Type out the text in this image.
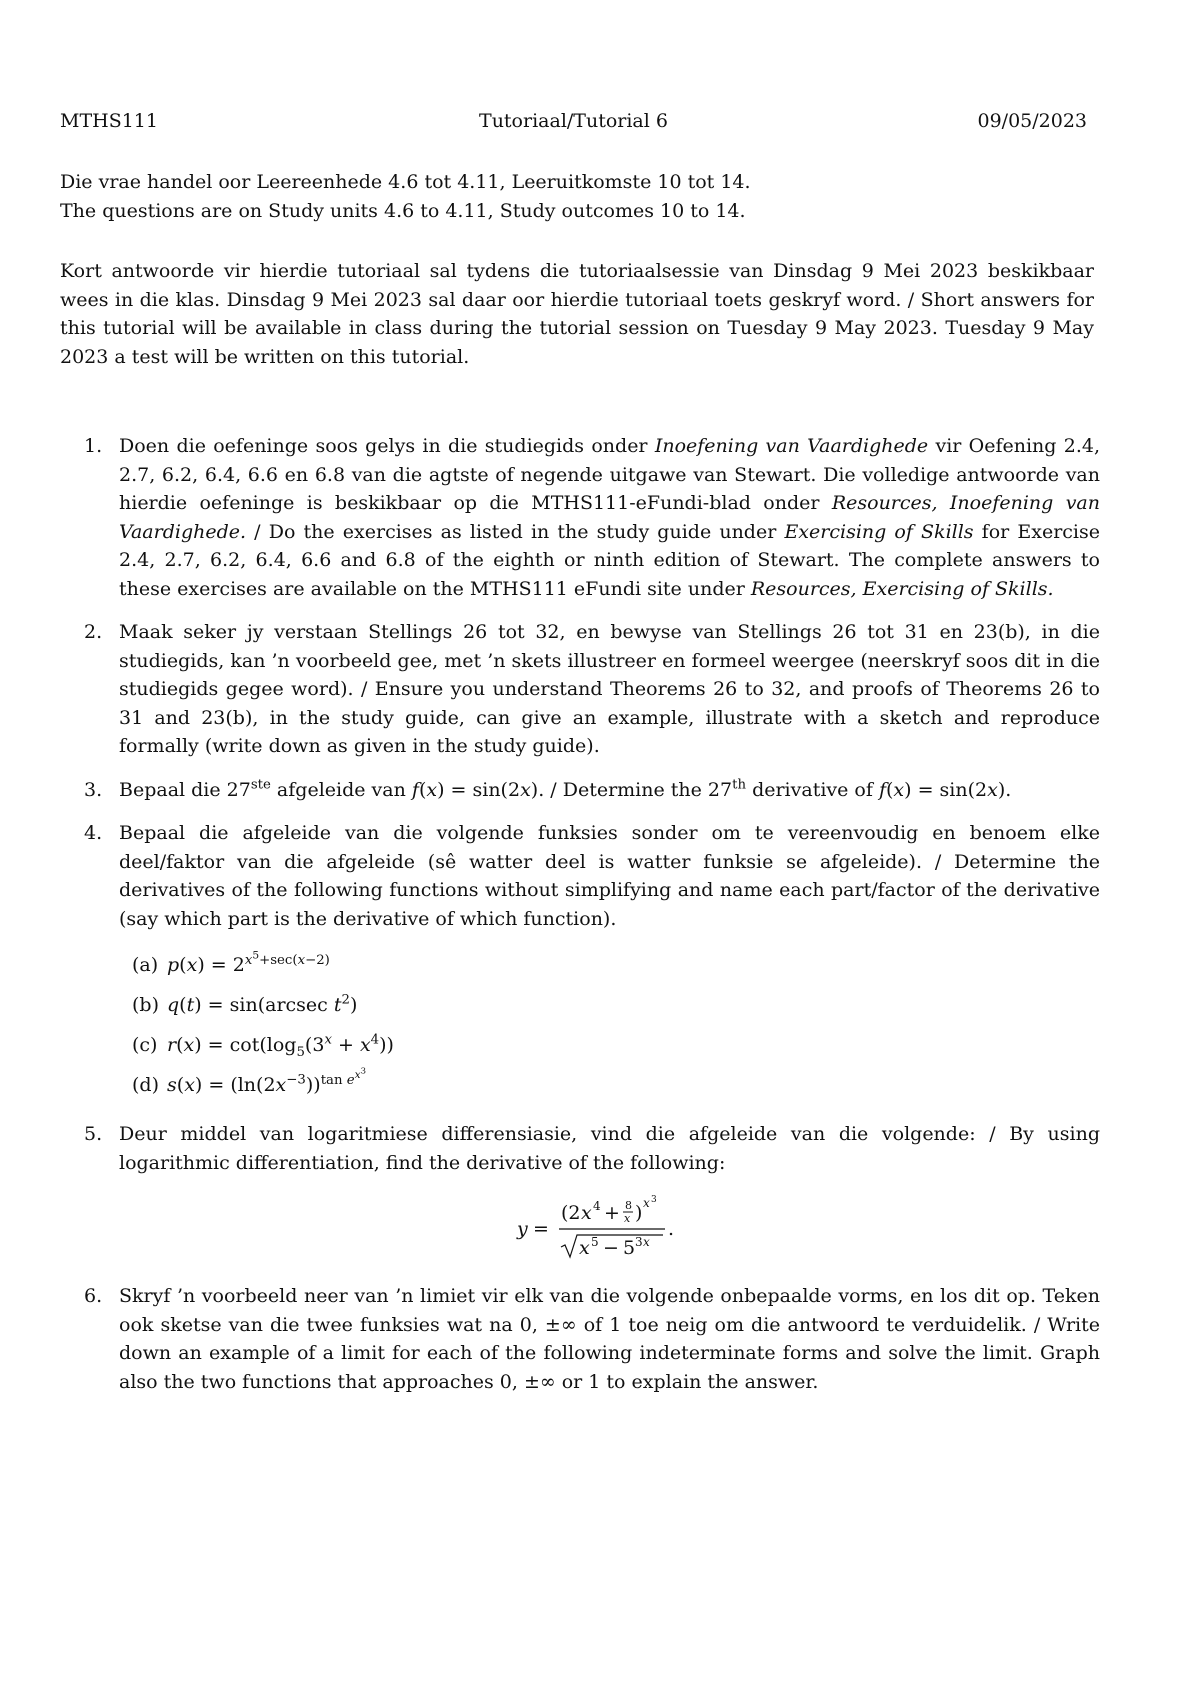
MTHS111	Tutoriaal/Tutorial 6	09/05/2023

Die vrae handel oor Leereenhede 4.6 tot 4.11, Leeruitkomste 10 tot 14.

The questions are on Study units 4.6 to 4.11, Study outcomes 10 to 14.

Kort antwoorde vir hierdie tutoriaal sal tydens die tutoriaalsessie van Dinsdag 9 Mei 2023 beskikbaar wees in die klas. Dinsdag 9 Mei 2023 sal daar oor hierdie tutoriaal toets geskryf word. / Short answers for this tutorial will be available in class during the tutorial session on Tuesday 9 May 2023. Tuesday 9 May 2023 a test will be written on this tutorial.

1. Doen die oefeninge soos gelys in die studiegids onder Inoefening van Vaardighede vir Oefening 2.4, 2.7, 6.2, 6.4, 6.6 en 6.8 van die agtste of negende uitgawe van Stewart. Die volledige antwoorde van hierdie oefeninge is beskikbaar op die MTHS111-eFundi-blad onder Resources, Inoefening van Vaardighede. / Do the exercises as listed in the study guide under Exercising of Skills for Exercise 2.4, 2.7, 6.2, 6.4, 6.6 and 6.8 of the eighth or ninth edition of Stewart. The complete answers to these exercises are available on the MTHS111 eFundi site under Resources, Exercising of Skills.
2. Maak seker jy verstaan Stellings 26 tot 32, en bewyse van Stellings 26 tot 31 en 23(b), in die studiegids, kan ’n voorbeeld gee, met ’n skets illustreer en formeel weergee (neerskryf soos dit in die studiegids gegee word). / Ensure you understand Theorems 26 to 32, and proofs of Theorems 26 to 31 and 23(b), in the study guide, can give an example, illustrate with a sketch and reproduce formally (write down as given in the study guide).
3. Bepaal die 27ste afgeleide van f(x) = sin(2x). / Determine the 27th derivative of f(x) = sin(2x).
4. Bepaal die afgeleide van die volgende funksies sonder om te vereenvoudig en benoem elke deel/faktor van die afgeleide (sê watter deel is watter funksie se afgeleide). / Determine the derivatives of the following functions without simplifying and name each part/factor of the derivative (say which part is the derivative of which function).
(a) $p(x) = 2^{x^5+sec(x-2)}$
(b) q(t) = sin(arcsec $t^2$)
(c) $r(x) = \cot(\log_5(3^x + x^4))$
(d) $s(x) = (\ln(2x^{-3}))^{tan e^{x^3}}$
5. Deur middel van logaritmiese differensiasie, vind die afgeleide van die volgende: / By using logarithmic differentiation, find the derivative of the following:
y =
(2 x 4 + 8
x ) x 3
x 5 − 5 3 x
.
6. Skryf ’n voorbeeld neer van ’n limiet vir elk van die volgende onbepaalde vorms, en los dit op. Teken ook sketse van die twee funksies wat na 0, ±∞ of 1 toe neig om die antwoord te verduidelik. / Write down an example of a limit for each of the following indeterminate forms and solve the limit. Graph also the two functions that approaches 0, ±∞ or 1 to explain the answer.
